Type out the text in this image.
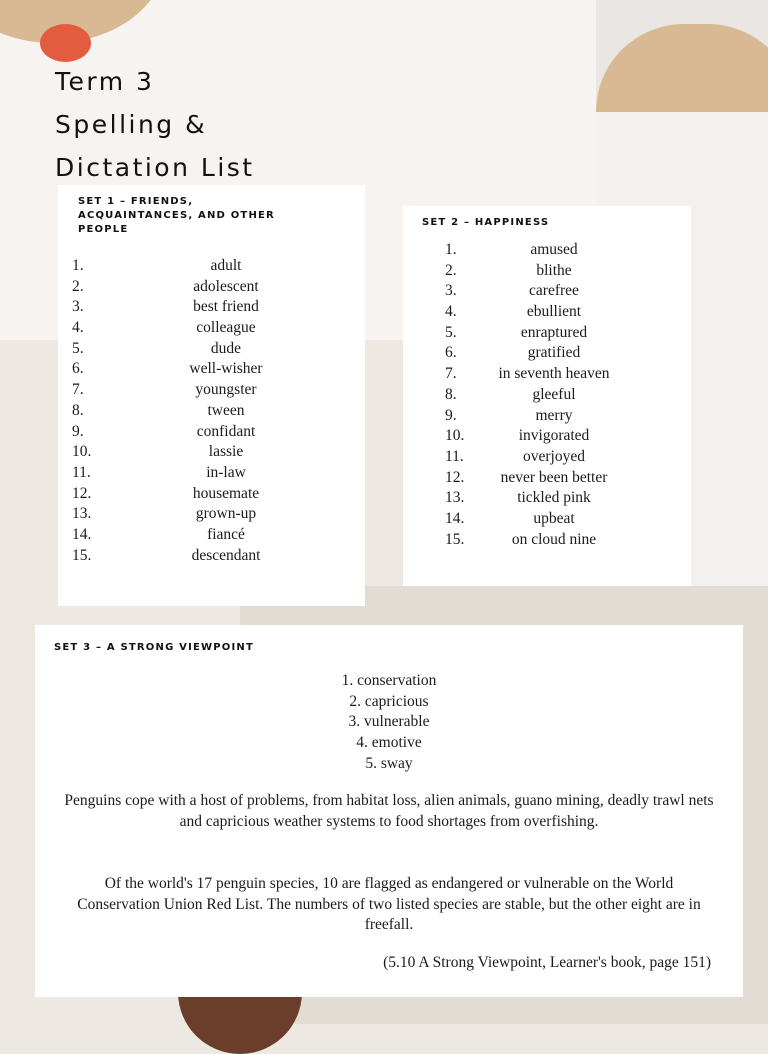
Term 3
Spelling &
Dictation List
SET 1 – FRIENDS, ACQUAINTANCES, AND OTHER PEOPLE
1.	adult
2.	adolescent
3.	best friend
4.	colleague
5.	dude
6.	well-wisher
7.	youngster
8.	tween
9.	confidant
10.	lassie
11.	in-law
12.	housemate
13.	grown-up
14.	fiancé
15.	descendant
SET 2 – HAPPINESS
1.	amused
2.	blithe
3.	carefree
4.	ebullient
5.	enraptured
6.	gratified
7.	in seventh heaven
8.	gleeful
9.	merry
10.	invigorated
11.	overjoyed
12.	never been better
13.	tickled pink
14.	upbeat
15.	on cloud nine
SET 3 – A STRONG VIEWPOINT
1. conservation
2. capricious
3. vulnerable
4. emotive
5. sway

Penguins cope with a host of problems, from habitat loss, alien animals, guano mining, deadly trawl nets and capricious weather systems to food shortages from overfishing.

Of the world's 17 penguin species, 10 are flagged as endangered or vulnerable on the World Conservation Union Red List. The numbers of two listed species are stable, but the other eight are in freefall.

(5.10 A Strong Viewpoint, Learner's book, page 151)
